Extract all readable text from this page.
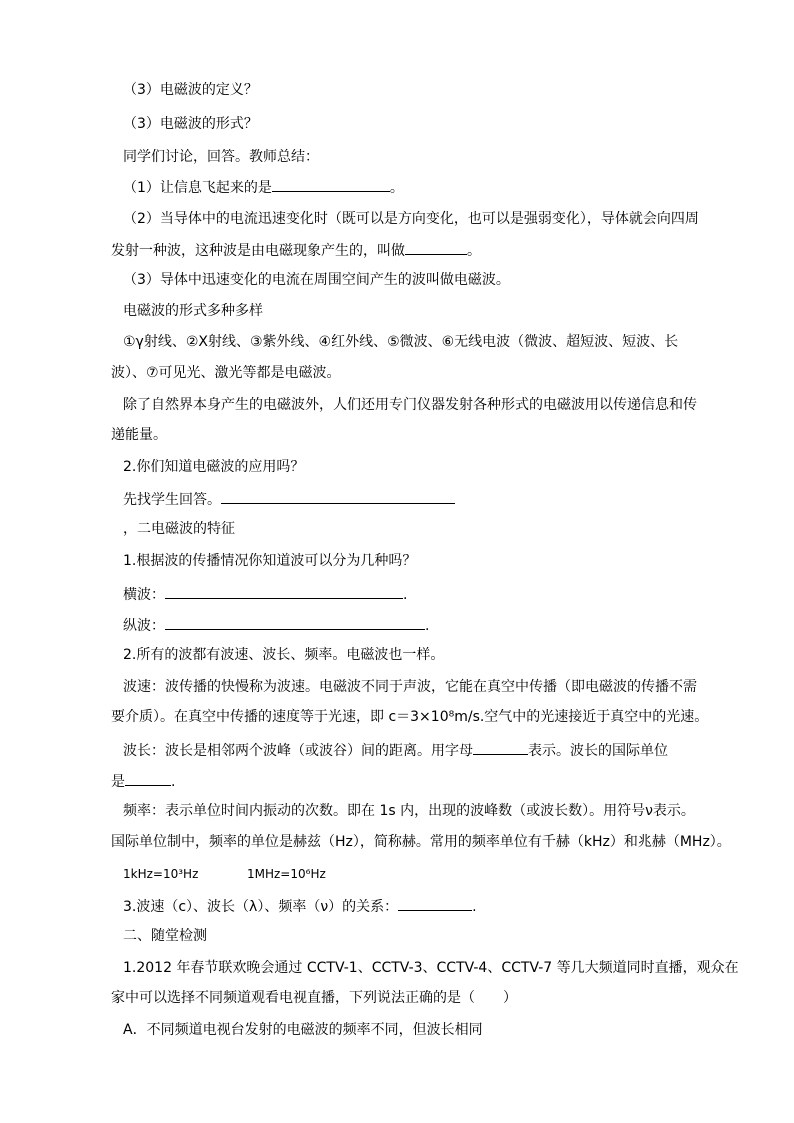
（3）电磁波的定义？
（3）电磁波的形式？
同学们讨论，回答。教师总结：
（1）让信息飞起来的是	。
（2）当导体中的电流迅速变化时（既可以是方向变化，也可以是强弱变化），导体就会向四周
发射一种波，这种波是由电磁现象产生的，叫做	。
（3）导体中迅速变化的电流在周围空间产生的波叫做电磁波。
电磁波的形式多种多样
①γ射线、②X射线、③紫外线、④红外线、⑤微波、⑥无线电波（微波、超短波、短波、长
波）、⑦可见光、激光等都是电磁波。
除了自然界本身产生的电磁波外，人们还用专门仪器发射各种形式的电磁波用以传递信息和传
递能量。
2.你们知道电磁波的应用吗？
先找学生回答。
，二电磁波的特征
1.根据波的传播情况你知道波可以分为几种吗？
横波：	.
纵波：	.
2.所有的波都有波速、波长、频率。电磁波也一样。
波速：波传播的快慢称为波速。电磁波不同于声波，它能在真空中传播（即电磁波的传播不需
要介质）。在真空中传播的速度等于光速，即 c＝3×10⁸m/s.空气中的光速接近于真空中的光速。
波长：波长是相邻两个波峰（或波谷）间的距离。用字母	表示。波长的国际单位
是	.
频率：表示单位时间内振动的次数。即在 1s 内，出现的波峰数（或波长数）。用符号ν表示。
国际单位制中，频率的单位是赫兹（Hz），简称赫。常用的频率单位有千赫（kHz）和兆赫（MHz）。
1kHz=10³Hz	1MHz=10⁶Hz
3.波速（c）、波长（λ）、频率（ν）的关系：	.
二、随堂检测
1.2012 年春节联欢晚会通过 CCTV-1、CCTV-3、CCTV-4、CCTV-7 等几大频道同时直播，观众在
家中可以选择不同频道观看电视直播，下列说法正确的是（　　）
A．不同频道电视台发射的电磁波的频率不同，但波长相同
